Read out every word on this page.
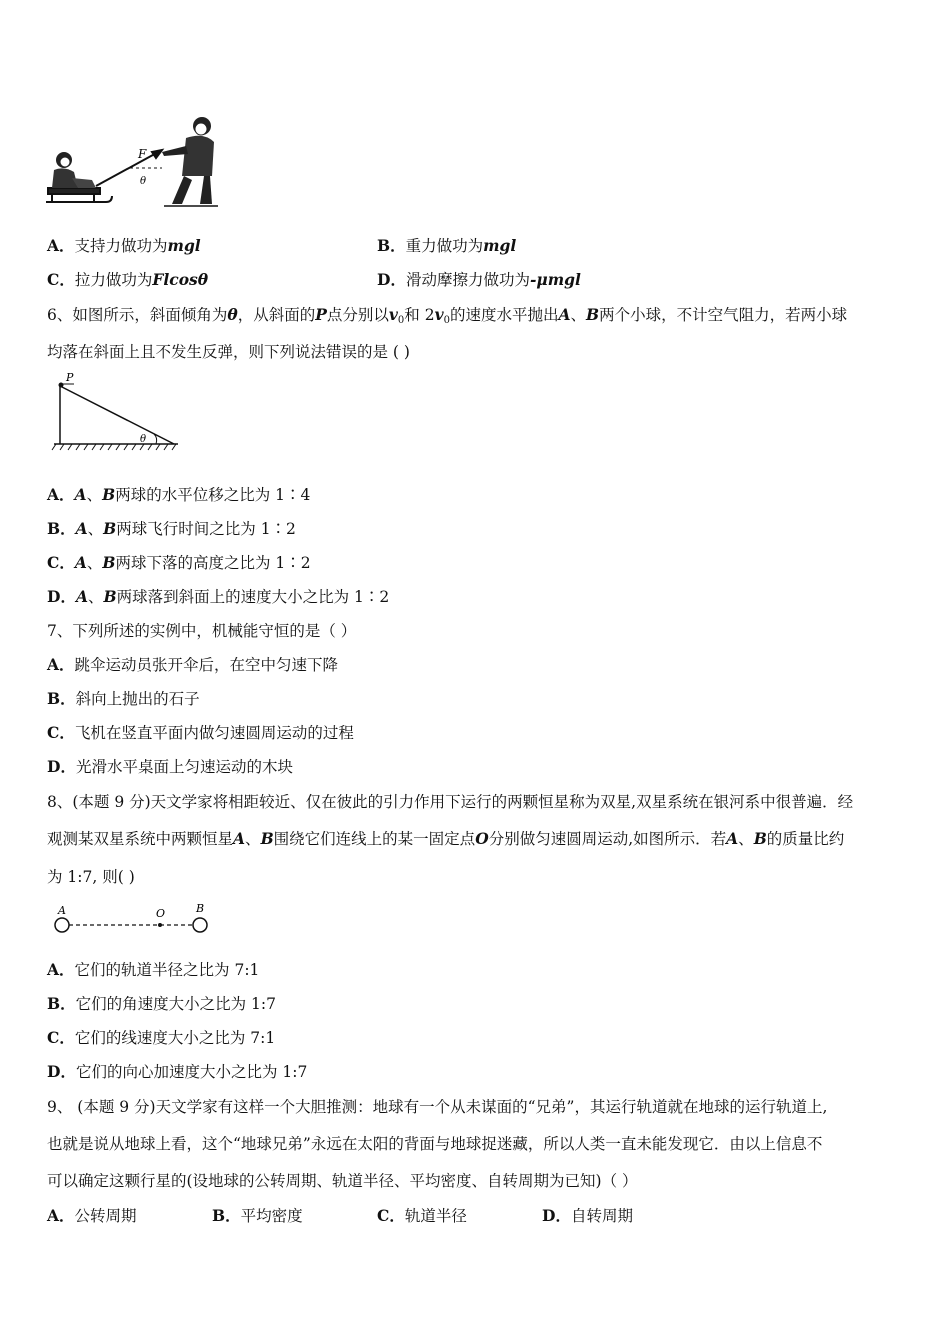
F
θ
A．支持力做功为mgl	B．重力做功为mgl
C．拉力做功为Flcosθ	D．滑动摩擦力做功为-μmgl
6、如图所示，斜面倾角为θ，从斜面的P点分别以$v_0$和 $2v_0$的速度水平抛出A、B两个小球，不计空气阻力，若两小球
均落在斜面上且不发生反弹，则下列说法错误的是 ( )
P
θ
A．A、B两球的水平位移之比为 1∶4
B．A、B两球飞行时间之比为 1∶2
C．A、B两球下落的高度之比为 1∶2
D．A、B两球落到斜面上的速度大小之比为 1∶2
7、下列所述的实例中，机械能守恒的是（ ）
A．跳伞运动员张开伞后，在空中匀速下降
B．斜向上抛出的石子
C．飞机在竖直平面内做匀速圆周运动的过程
D．光滑水平桌面上匀速运动的木块
8、(本题 9 分)天文学家将相距较近、仅在彼此的引力作用下运行的两颗恒星称为双星,双星系统在银河系中很普遍．经
观测某双星系统中两颗恒星A、B围绕它们连线上的某一固定点O分别做匀速圆周运动,如图所示．若A、B的质量比约
为 1:7, 则( )
A	O	B
A．它们的轨道半径之比为 7:1
B．它们的角速度大小之比为 1:7
C．它们的线速度大小之比为 7:1
D．它们的向心加速度大小之比为 1:7
9、 (本题 9 分)天文学家有这样一个大胆推测：地球有一个从未谋面的“兄弟”，其运行轨道就在地球的运行轨道上,
也就是说从地球上看，这个“地球兄弟”永远在太阳的背面与地球捉迷藏，所以人类一直未能发现它．由以上信息不
可以确定这颗行星的(设地球的公转周期、轨道半径、平均密度、自转周期为已知)（ ）
A．公转周期	B．平均密度	C．轨道半径	D．自转周期
